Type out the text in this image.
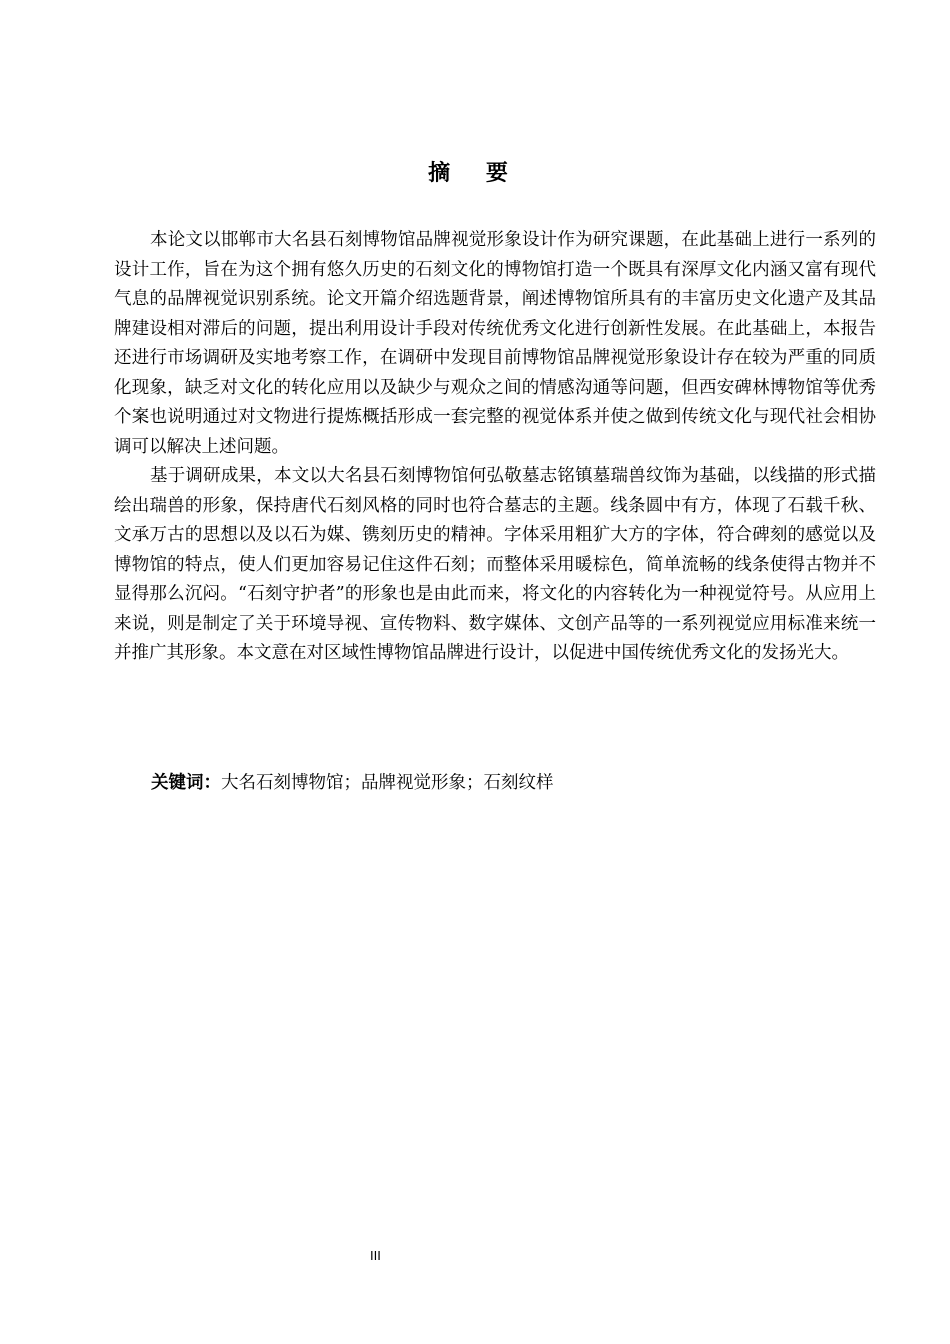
摘 要

本论文以邯郸市大名县石刻博物馆品牌视觉形象设计作为研究课题，在此基础上进行一系列的设计工作，旨在为这个拥有悠久历史的石刻文化的博物馆打造一个既具有深厚文化内涵又富有现代气息的品牌视觉识别系统。论文开篇介绍选题背景，阐述博物馆所具有的丰富历史文化遗产及其品牌建设相对滞后的问题，提出利用设计手段对传统优秀文化进行创新性发展。在此基础上，本报告还进行市场调研及实地考察工作，在调研中发现目前博物馆品牌视觉形象设计存在较为严重的同质化现象，缺乏对文化的转化应用以及缺少与观众之间的情感沟通等问题，但西安碑林博物馆等优秀个案也说明通过对文物进行提炼概括形成一套完整的视觉体系并使之做到传统文化与现代社会相协调可以解决上述问题。

基于调研成果，本文以大名县石刻博物馆何弘敬墓志铭镇墓瑞兽纹饰为基础，以线描的形式描绘出瑞兽的形象，保持唐代石刻风格的同时也符合墓志的主题。线条圆中有方，体现了石载千秋、文承万古的思想以及以石为媒、镌刻历史的精神。字体采用粗犷大方的字体，符合碑刻的感觉以及博物馆的特点，使人们更加容易记住这件石刻；而整体采用暖棕色，简单流畅的线条使得古物并不显得那么沉闷。“石刻守护者”的形象也是由此而来，将文化的内容转化为一种视觉符号。从应用上来说，则是制定了关于环境导视、宣传物料、数字媒体、文创产品等的一系列视觉应用标准来统一并推广其形象。本文意在对区域性博物馆品牌进行设计，以促进中国传统优秀文化的发扬光大。

关键词：大名石刻博物馆；品牌视觉形象；石刻纹样
III
